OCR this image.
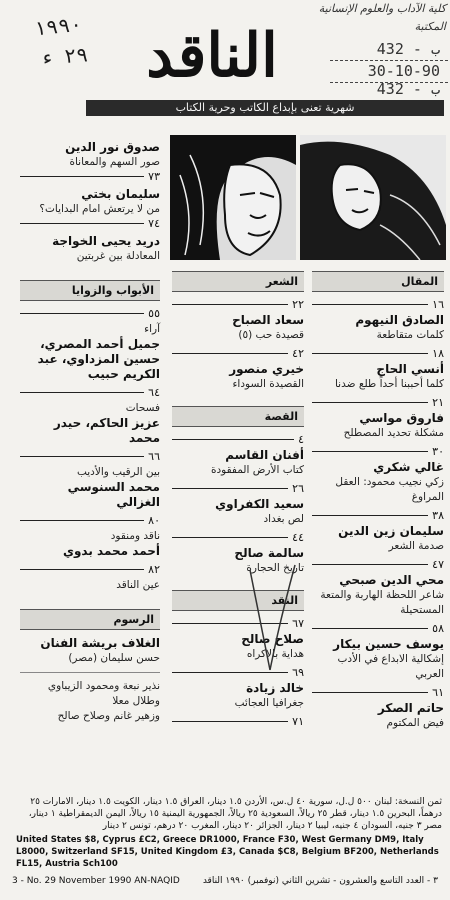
١٩٩٠
٢٩ ء الناقد
كلية الآداب والعلوم الإنسانية
المكتبة
432 - ب
30-10-90
432 - ب
شهرية تعنى بإبداع الكاتب وحرية الكتاب
المقال
١٦
الصادق النيهوم
كلمات متقاطعة
١٨
أنسي الحاج
كلما أحببنا أحداً طلع ضدنا
٢١
فاروق مواسي
مشكلة تحديد المصطلح
٣٠
غالي شكري
زكي نجيب محمود: العقل المراوغ
٣٨
سليمان زين الدين
صدمة الشعر
٤٧
محي الدين صبحي
شاعر اللحظة الهاربة والمتعة المستحيلة
٥٨
يوسف حسين بيكار
إشكالية الابداع في الأدب العربي
٦١
حاتم الصكر
فيض المكتوم
الشعر
٢٢
سعاد الصباح
قصيدة حب (٥)
٤٢
خيري منصور
القصيدة السوداء
القصة
٤
أفنان القاسم
كتاب الأرض المفقودة
٢٦
سعيد الكفراوي
لص بغداد
٤٤
سالمة صالح
تاريخ الحجارة
النقد
٦٧
صلاح صالح
هداية بالاكراه
٦٩
خالد زيادة
جغرافيا العجائب
٧١
صدوق نور الدين
صور السهم والمعاناة
٧٣
سليمان بختي
من لا يرتعش امام البدايات؟
٧٤
دريد يحيى الخواجة
المعادلة بين غربتين
الأبواب والزوايا
٥٥
آراء
جميل أحمد المصري، حسين المزداوي، عبد الكريم حبيب
٦٤
فسحات
عزيز الحاكم، حيدر محمد
٦٦
بين الرقيب والأديب
محمد السنوسي الغزالي
٨٠
ناقد ومنقود
أحمد محمد بدوي
٨٢
عين الناقد
الرسوم
الغلاف بريشة الفنان
حسن سليمان (مصر)
نذير نبعة ومحمود الزيباوي
وطلال معلا
وزهير غانم وصلاح صالح
ثمن النسخة: لبنان ٥٠٠ ل.ل، سورية ٤٠ ل.س، الأردن ١.٥ دينار، العراق ١.٥ دينار، الكويت ١.٥ دينار، الامارات ٢٥ درهماً، البحرين ١.٥ دينار، قطر ٢٥ ريالاً، السعودية ٢٥ ريالاً، الجمهورية اليمنية ١٥ ريالاً، اليمن الديمقراطية ١ دينار، مصر ٣ جنيه، السودان ٤ جنيه، ليبيا ٢ دينار، الجزائر ٢٠ دينار، المغرب ٢٠ درهم، تونس ٢ دينار
United States $8, Cyprus £C2, Greece DR1000, France F30, West Germany DM9, Italy L8000, Switzerland SF15, United Kingdom £3, Canada $C8, Belgium BF200, Netherlands FL15, Austria Sch100
3 - No. 29 November 1990 AN-NAQID	٣ - العدد التاسع والعشرون - تشرين الثاني (نوفمبر) ١٩٩٠ الناقد
